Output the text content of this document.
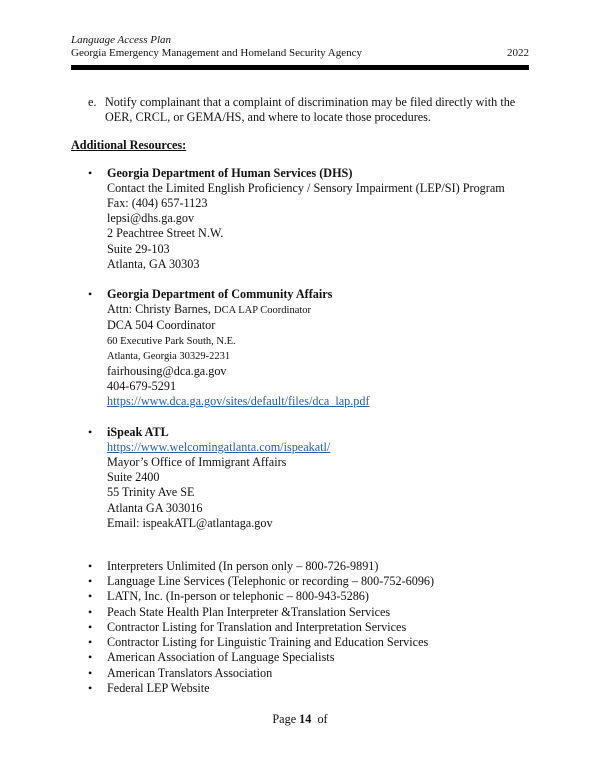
Language Access Plan
Georgia Emergency Management and Homeland Security Agency	2022
e. Notify complainant that a complaint of discrimination may be filed directly with the OER, CRCL, or GEMA/HS, and where to locate those procedures.
Additional Resources:
• Georgia Department of Human Services (DHS)
Contact the Limited English Proficiency / Sensory Impairment (LEP/SI) Program
Fax: (404) 657-1123
lepsi@dhs.ga.gov
2 Peachtree Street N.W.
Suite 29-103
Atlanta, GA 30303
• Georgia Department of Community Affairs
Attn: Christy Barnes, DCA LAP Coordinator
DCA 504 Coordinator
60 Executive Park South, N.E.
Atlanta, Georgia 30329-2231
fairhousing@dca.ga.gov
404-679-5291
https://www.dca.ga.gov/sites/default/files/dca_lap.pdf
• iSpeak ATL
https://www.welcomingatlanta.com/ispeakatl/
Mayor’s Office of Immigrant Affairs
Suite 2400
55 Trinity Ave SE
Atlanta GA 303016
Email: ispeakATL@atlantaga.gov
• Interpreters Unlimited (In person only – 800-726-9891)
• Language Line Services (Telephonic or recording – 800-752-6096)
• LATN, Inc. (In-person or telephonic – 800-943-5286)
• Peach State Health Plan Interpreter &Translation Services
• Contractor Listing for Translation and Interpretation Services
• Contractor Listing for Linguistic Training and Education Services
• American Association of Language Specialists
• American Translators Association
• Federal LEP Website
Page 14  of
